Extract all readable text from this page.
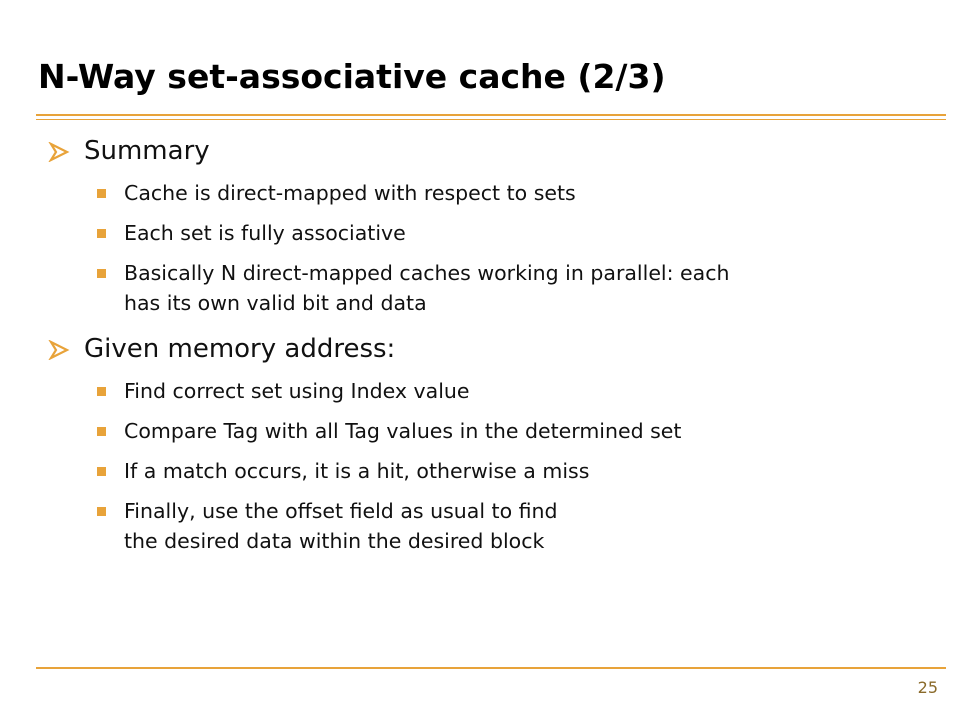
N-Way set-associative cache (2/3)
Summary
Cache is direct-mapped with respect to sets
Each set is fully associative
Basically N direct-mapped caches working in parallel: each
has its own valid bit and data
Given memory address:
Find correct set using Index value
Compare Tag with all Tag values in the determined set
If a match occurs, it is a hit, otherwise a miss
Finally, use the offset field as usual to find
the desired data within the desired block
25
